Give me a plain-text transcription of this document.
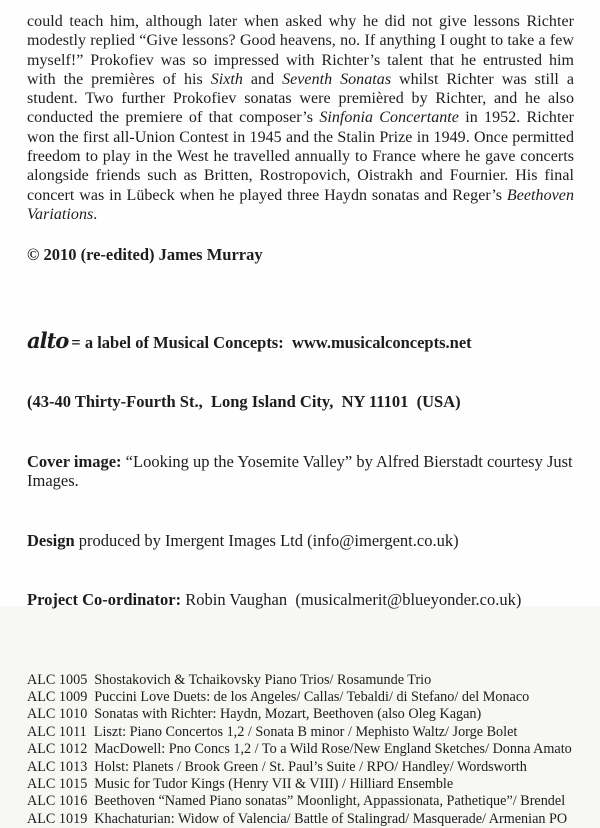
could teach him, although later when asked why he did not give lessons Richter modestly replied “Give lessons? Good heavens, no. If anything I ought to take a few myself!” Prokofiev was so impressed with Richter’s talent that he entrusted him with the premières of his Sixth and Seventh Sonatas whilst Richter was still a student. Two further Prokofiev sonatas were premièred by Richter, and he also conducted the premiere of that composer’s Sinfonia Concertante in 1952. Richter won the first all-Union Contest in 1945 and the Stalin Prize in 1949. Once permitted freedom to play in the West he travelled annually to France where he gave concerts alongside friends such as Britten, Rostropovich, Oistrakh and Fournier. His final concert was in Lübeck when he played three Haydn sonatas and Reger’s Beethoven Variations.
© 2010 (re-edited) James Murray

alto = a label of Musical Concepts:  www.musicalconcepts.net

(43-40 Thirty-Fourth St.,  Long Island City,  NY 11101  (USA)

Cover image: “Looking up the Yosemite Valley” by Alfred Bierstadt courtesy Just Images.

Design produced by Imergent Images Ltd (info@imergent.co.uk)

Project Co-ordinator: Robin Vaughan  (musicalmerit@blueyonder.co.uk)

ALC 1005 Shostakovich & Tchaikovsky Piano Trios/ Rosamunde Trio
ALC 1009 Puccini Love Duets: de los Angeles/ Callas/ Tebaldi/ di Stefano/ del Monaco
ALC 1010 Sonatas with Richter: Haydn, Mozart, Beethoven (also Oleg Kagan)
ALC 1011 Liszt: Piano Concertos 1,2 / Sonata B minor / Mephisto Waltz/ Jorge Bolet
ALC 1012 MacDowell: Pno Concs 1,2 / To a Wild Rose/New England Sketches/ Donna Amato
ALC 1013 Holst: Planets / Brook Green / St. Paul’s Suite / RPO/ Handley/ Wordsworth
ALC 1015 Music for Tudor Kings (Henry VII & VIII) / Hilliard Ensemble
ALC 1016 Beethoven “Named Piano sonatas” Moonlight, Appassionata, Pathetique”/ Brendel
ALC 1019 Khachaturian: Widow of Valencia/ Battle of Stalingrad/ Masquerade/ Armenian PO
